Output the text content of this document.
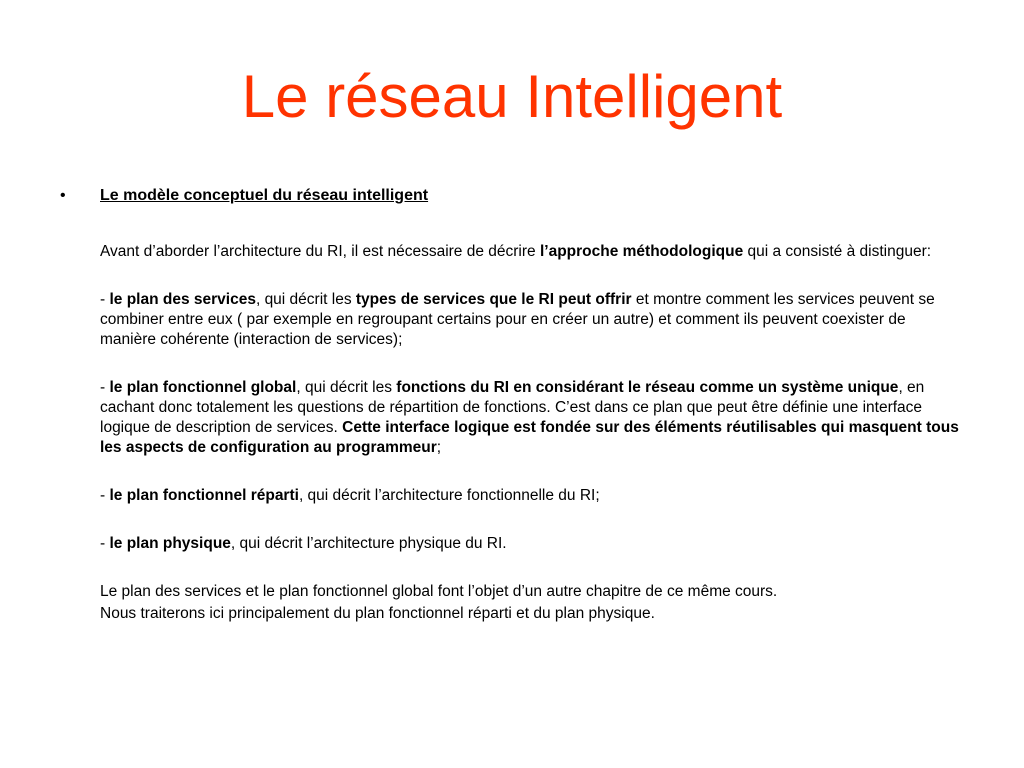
Le réseau Intelligent
• Le modèle conceptuel du réseau intelligent

Avant d’aborder l’architecture du RI, il est nécessaire de décrire l’approche méthodologique qui a consisté à distinguer:

- le plan des services, qui décrit les types de services que le RI peut offrir et montre comment les services peuvent se combiner entre eux ( par exemple en regroupant certains pour en créer un autre) et comment ils peuvent coexister de manière cohérente (interaction de services);

- le plan fonctionnel global, qui décrit les fonctions du RI en considérant le réseau comme un système unique, en cachant donc totalement les questions de répartition de fonctions. C’est dans ce plan que peut être définie une interface logique de description de services. Cette interface logique est fondée sur des éléments réutilisables qui masquent tous les aspects de configuration au programmeur;

- le plan fonctionnel réparti, qui décrit l’architecture fonctionnelle du RI;

- le plan physique, qui décrit l’architecture physique du RI.

Le plan des services et le plan fonctionnel global font l’objet d’un autre chapitre de ce même cours.

Nous traiterons ici principalement du plan fonctionnel réparti et du plan physique.
